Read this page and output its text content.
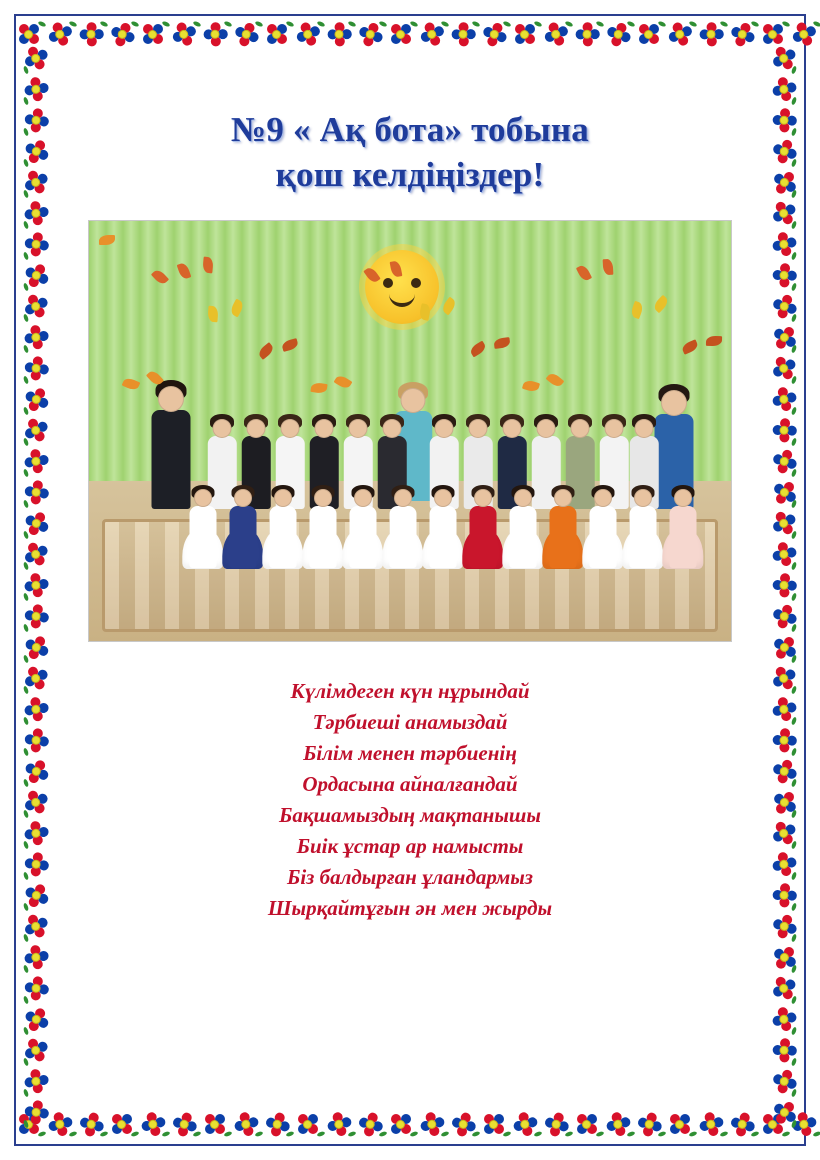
№9 « Ақ бота» тобына
қош келдіңіздер!
Күлімдеген күн нұрындай
Тәрбиеші анамыздай
Білім менен тәрбиенің
Ордасына айналғандай
Бақшамыздың мақтанышы
Биік ұстар ар намысты
Біз балдырған ұландармыз
Шырқайтұғын ән мен жырды
